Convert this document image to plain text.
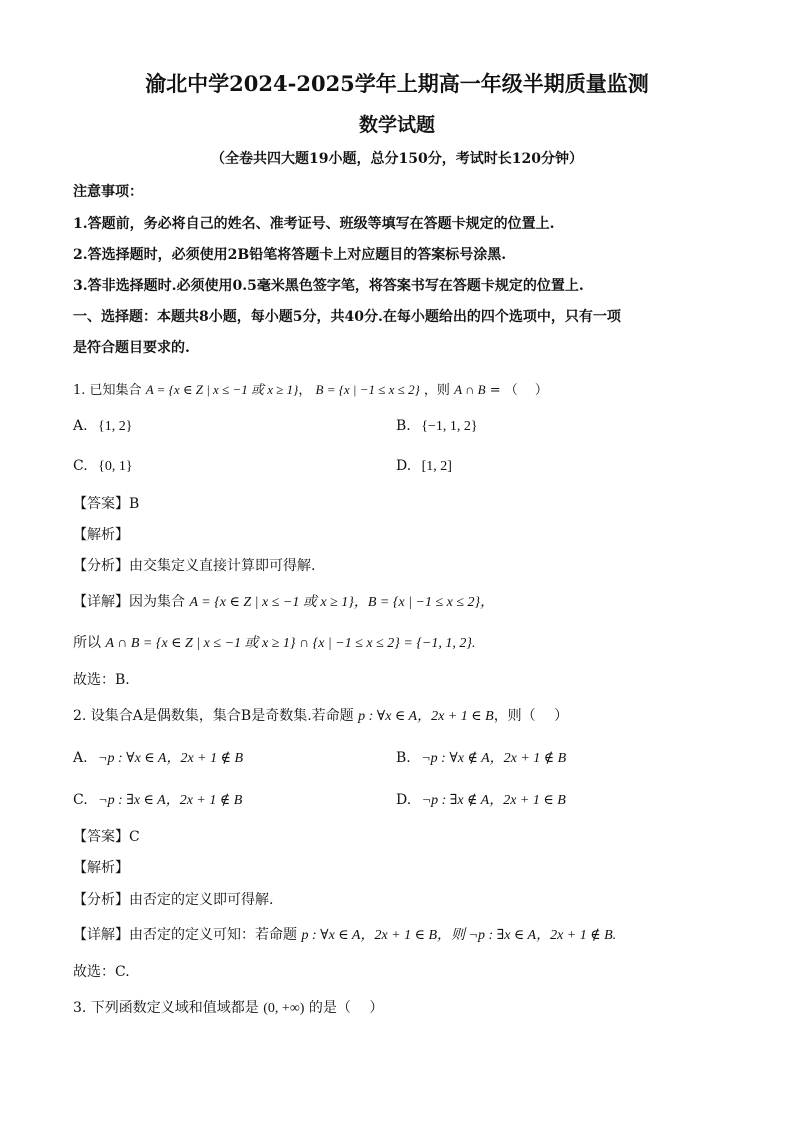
渝北中学2024-2025学年上期高一年级半期质量监测
数学试题
（全卷共四大题19小题，总分150分，考试时长120分钟）
注意事项：
1.答题前，务必将自己的姓名、准考证号、班级等填写在答题卡规定的位置上.
2.答选择题时，必须使用2B铅笔将答题卡上对应题目的答案标号涂黑.
3.答非选择题时.必须使用0.5毫米黑色签字笔，将答案书写在答题卡规定的位置上.
一、选择题：本题共8小题，每小题5分，共40分.在每小题给出的四个选项中，只有一项
是符合题目要求的.
1. 已知集合 A = {x ∈ Z | x ≤ −1 或 x ≥ 1}， B = {x | −1 ≤ x ≤ 2} ，则 A ∩ B = （　 ）
A. {1, 2}	B. {−1, 1, 2}
C. {0, 1}	D. [1, 2]
【答案】B
【解析】
【分析】由交集定义直接计算即可得解.
【详解】因为集合 A = {x ∈ Z | x ≤ −1 或 x ≥ 1}，B = {x | −1 ≤ x ≤ 2}，
所以 A ∩ B = {x ∈ Z | x ≤ −1 或 x ≥ 1} ∩ {x | −1 ≤ x ≤ 2} = {−1, 1, 2}.
故选：B.
2. 设集合A是偶数集，集合B是奇数集.若命题 p : ∀x ∈ A，2x + 1 ∈ B，则（　 ）
A. ¬p : ∀x ∈ A，2x + 1 ∉ B	B. ¬p : ∀x ∉ A，2x + 1 ∉ B
C. ¬p : ∃x ∈ A，2x + 1 ∉ B	D. ¬p : ∃x ∉ A，2x + 1 ∈ B
【答案】C
【解析】
【分析】由否定的定义即可得解.
【详解】由否定的定义可知：若命题 p : ∀x ∈ A，2x + 1 ∈ B，则 ¬p : ∃x ∈ A，2x + 1 ∉ B.
故选：C.
3. 下列函数定义域和值域都是 (0, +∞) 的是（　 ）
